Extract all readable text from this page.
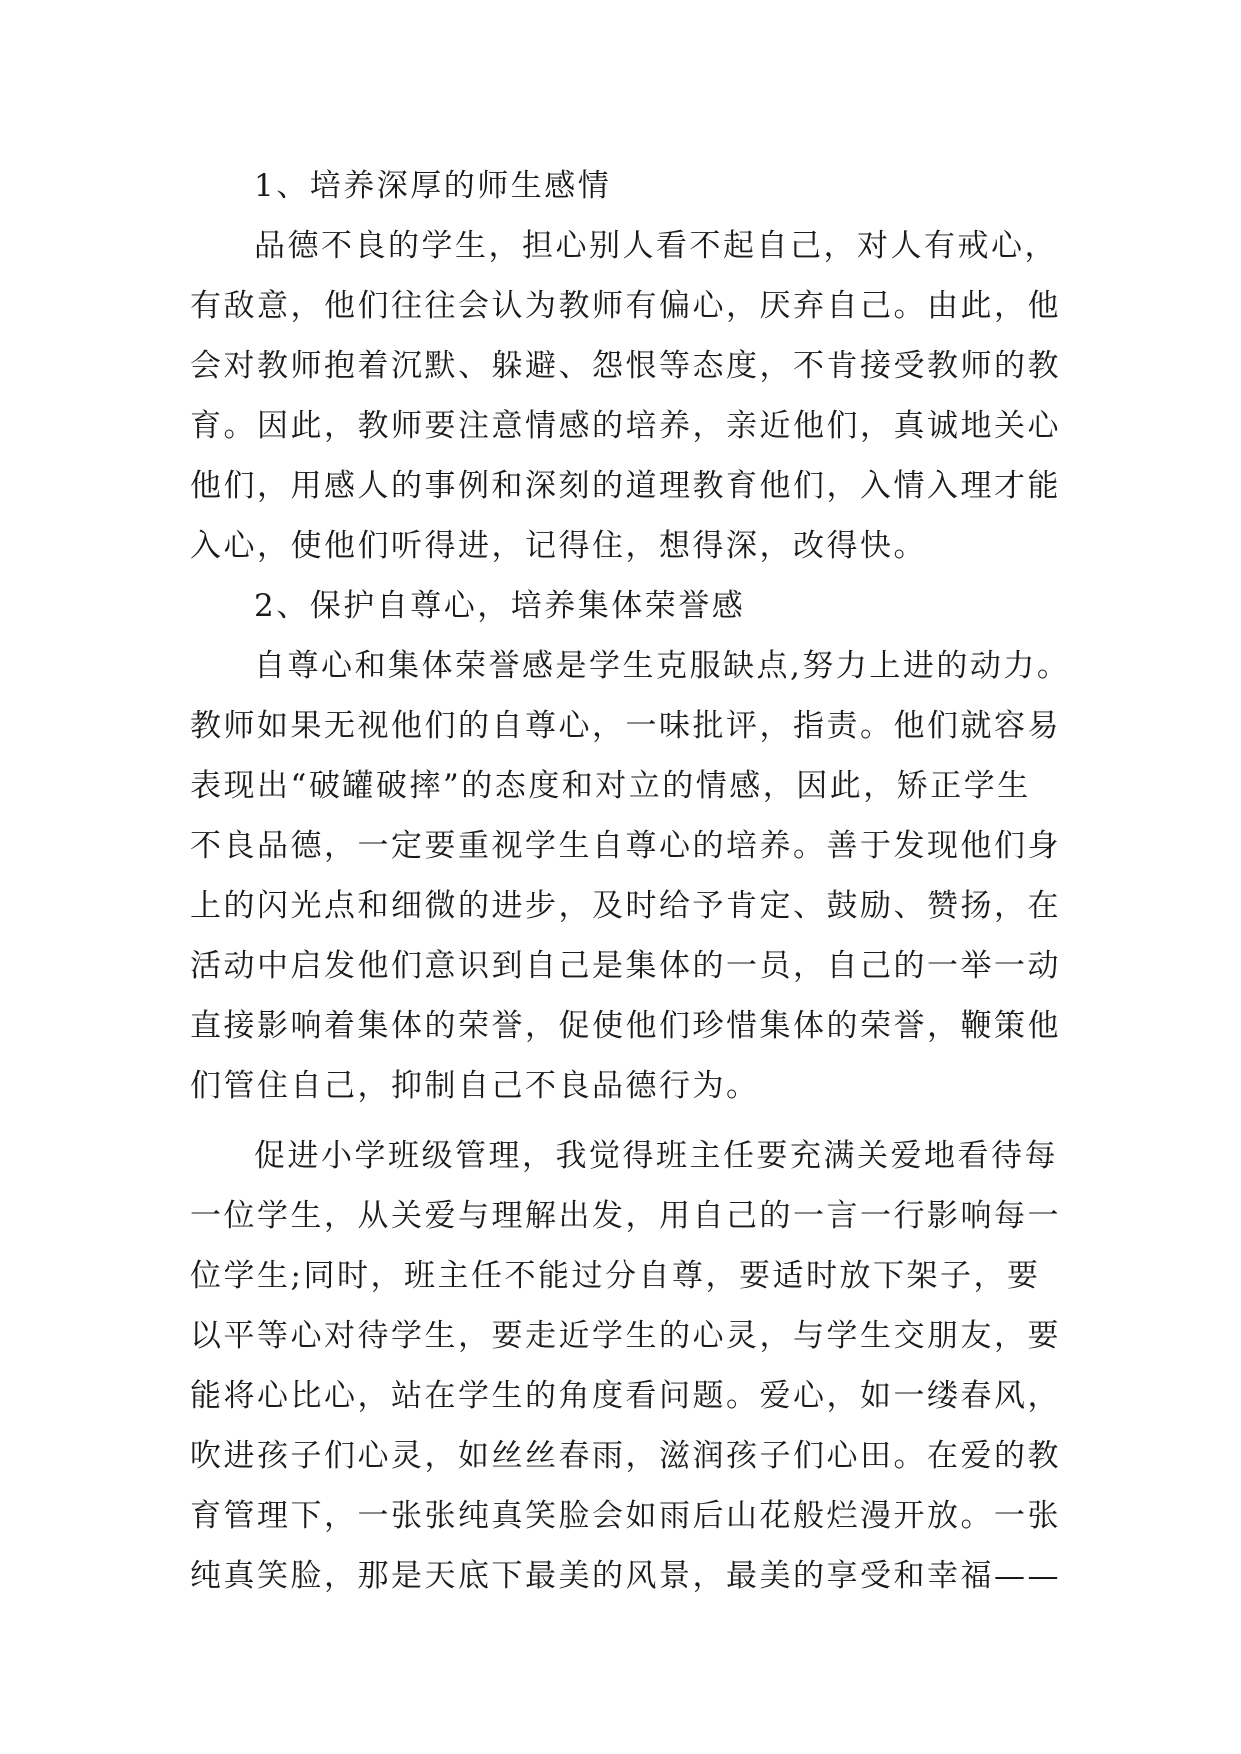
1、培养深厚的师生感情
品德不良的学生，担心别人看不起自己，对人有戒心，
有敌意，他们往往会认为教师有偏心，厌弃自己。由此，他
会对教师抱着沉默、躲避、怨恨等态度，不肯接受教师的教
育。因此，教师要注意情感的培养，亲近他们，真诚地关心
他们，用感人的事例和深刻的道理教育他们，入情入理才能
入心，使他们听得进，记得住，想得深，改得快。
2、保护自尊心，培养集体荣誉感
自尊心和集体荣誉感是学生克服缺点,努力上进的动力。
教师如果无视他们的自尊心，一味批评，指责。他们就容易
表现出“破罐破摔”的态度和对立的情感，因此，矫正学生
不良品德，一定要重视学生自尊心的培养。善于发现他们身
上的闪光点和细微的进步，及时给予肯定、鼓励、赞扬，在
活动中启发他们意识到自己是集体的一员，自己的一举一动
直接影响着集体的荣誉，促使他们珍惜集体的荣誉，鞭策他
们管住自己，抑制自己不良品德行为。
促进小学班级管理，我觉得班主任要充满关爱地看待每
一位学生，从关爱与理解出发，用自己的一言一行影响每一
位学生;同时，班主任不能过分自尊，要适时放下架子，要
以平等心对待学生，要走近学生的心灵，与学生交朋友，要
能将心比心，站在学生的角度看问题。爱心，如一缕春风，
吹进孩子们心灵，如丝丝春雨，滋润孩子们心田。在爱的教
育管理下，一张张纯真笑脸会如雨后山花般烂漫开放。一张
纯真笑脸，那是天底下最美的风景，最美的享受和幸福——
